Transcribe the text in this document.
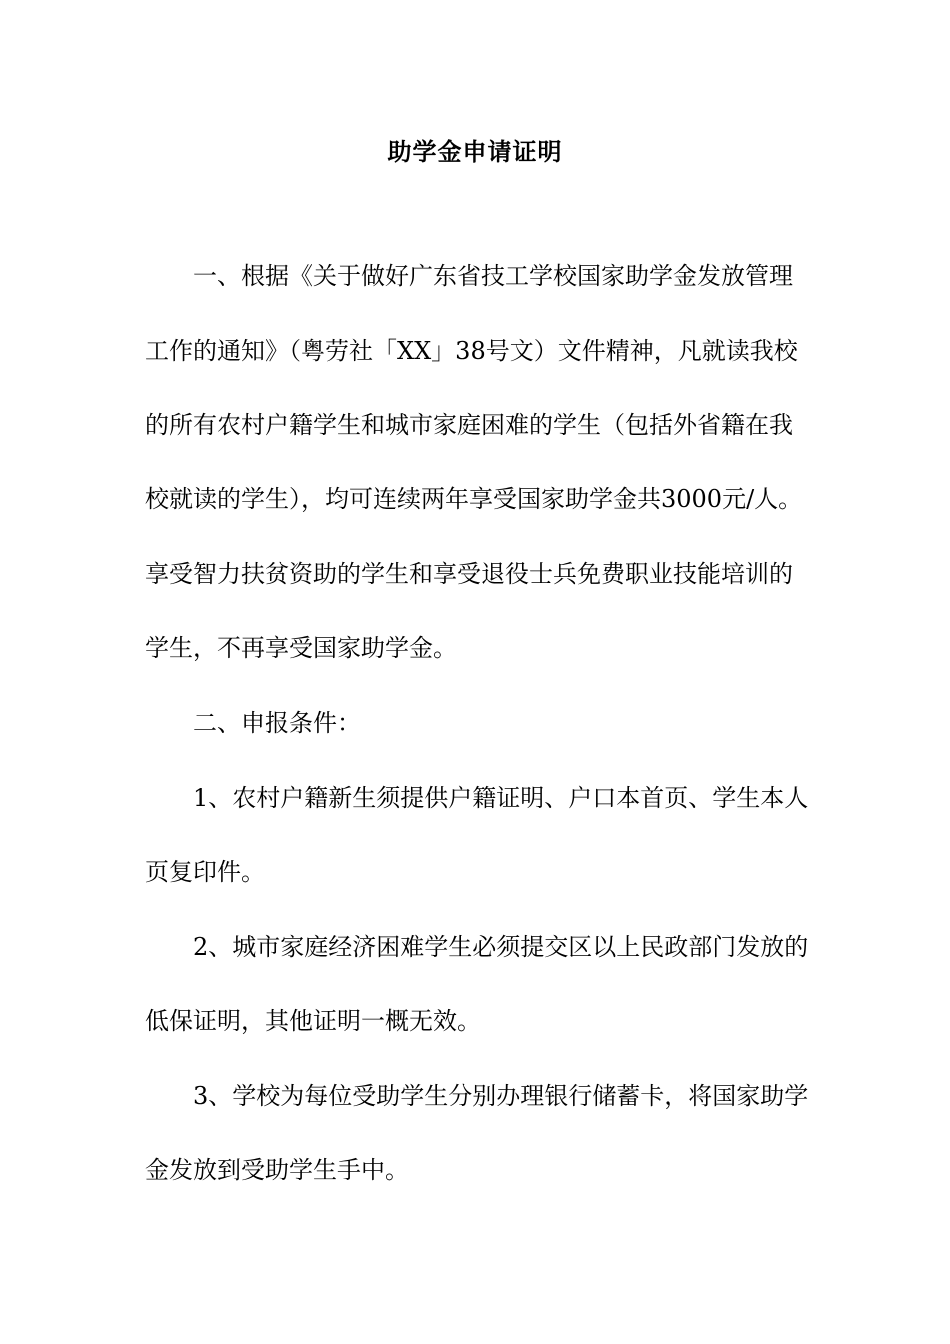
助学金申请证明
一、根据《关于做好广东省技工学校国家助学金发放管理
工作的通知》（粤劳社「XX」38号文）文件精神，凡就读我校
的所有农村户籍学生和城市家庭困难的学生（包括外省籍在我
校就读的学生），均可连续两年享受国家助学金共3000元/人。
享受智力扶贫资助的学生和享受退役士兵免费职业技能培训的
学生，不再享受国家助学金。
二、申报条件：
1、农村户籍新生须提供户籍证明、户口本首页、学生本人
页复印件。
2、城市家庭经济困难学生必须提交区以上民政部门发放的
低保证明，其他证明一概无效。
3、学校为每位受助学生分别办理银行储蓄卡，将国家助学
金发放到受助学生手中。
